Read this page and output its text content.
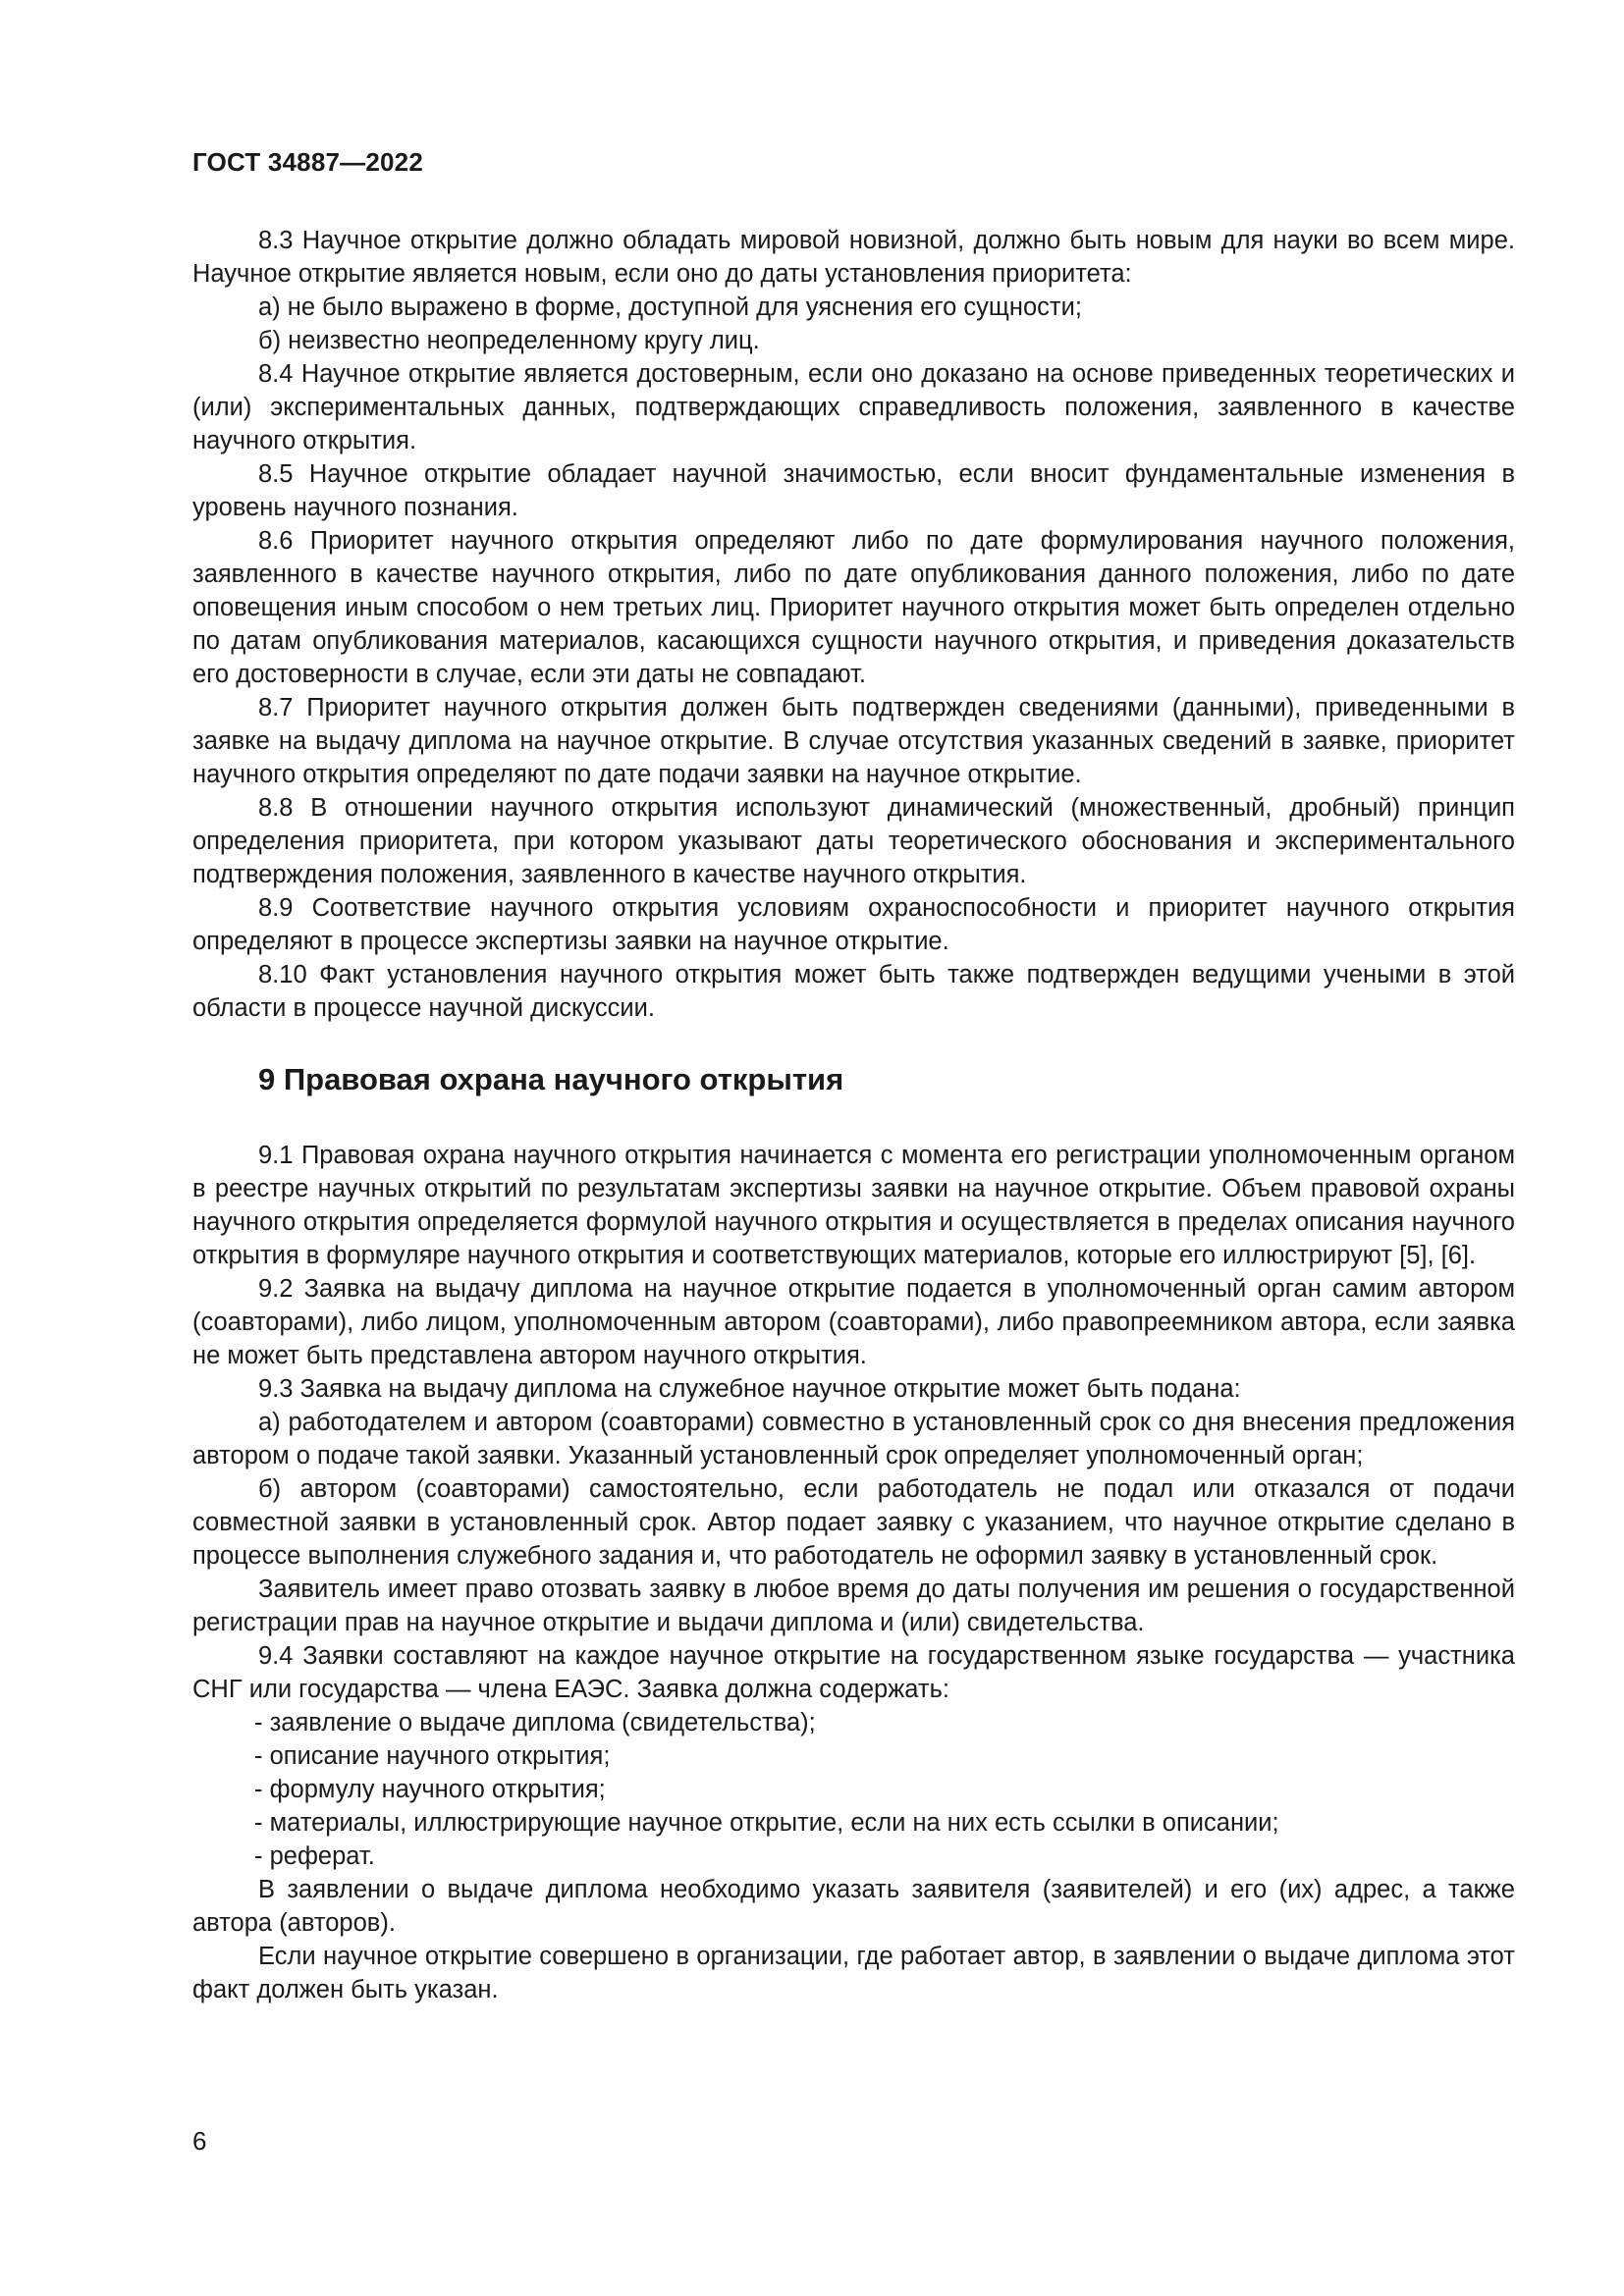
ГОСТ 34887—2022

8.3 Научное открытие должно обладать мировой новизной, должно быть новым для науки во всем мире. Научное открытие является новым, если оно до даты установления приоритета:

а) не было выражено в форме, доступной для уяснения его сущности;

б) неизвестно неопределенному кругу лиц.

8.4 Научное открытие является достоверным, если оно доказано на основе приведенных теоретических и (или) экспериментальных данных, подтверждающих справедливость положения, заявленного в качестве научного открытия.

8.5 Научное открытие обладает научной значимостью, если вносит фундаментальные изменения в уровень научного познания.

8.6 Приоритет научного открытия определяют либо по дате формулирования научного положения, заявленного в качестве научного открытия, либо по дате опубликования данного положения, либо по дате оповещения иным способом о нем третьих лиц. Приоритет научного открытия может быть определен отдельно по датам опубликования материалов, касающихся сущности научного открытия, и приведения доказательств его достоверности в случае, если эти даты не совпадают.

8.7 Приоритет научного открытия должен быть подтвержден сведениями (данными), приведенными в заявке на выдачу диплома на научное открытие. В случае отсутствия указанных сведений в заявке, приоритет научного открытия определяют по дате подачи заявки на научное открытие.

8.8 В отношении научного открытия используют динамический (множественный, дробный) принцип определения приоритета, при котором указывают даты теоретического обоснования и экспериментального подтверждения положения, заявленного в качестве научного открытия.

8.9 Соответствие научного открытия условиям охраноспособности и приоритет научного открытия определяют в процессе экспертизы заявки на научное открытие.

8.10 Факт установления научного открытия может быть также подтвержден ведущими учеными в этой области в процессе научной дискуссии.

9 Правовая охрана научного открытия

9.1 Правовая охрана научного открытия начинается с момента его регистрации уполномоченным органом в реестре научных открытий по результатам экспертизы заявки на научное открытие. Объем правовой охраны научного открытия определяется формулой научного открытия и осуществляется в пределах описания научного открытия в формуляре научного открытия и соответствующих материалов, которые его иллюстрируют [5], [6].

9.2 Заявка на выдачу диплома на научное открытие подается в уполномоченный орган самим автором (соавторами), либо лицом, уполномоченным автором (соавторами), либо правопреемником автора, если заявка не может быть представлена автором научного открытия.

9.3 Заявка на выдачу диплома на служебное научное открытие может быть подана:

а) работодателем и автором (соавторами) совместно в установленный срок со дня внесения предложения автором о подаче такой заявки. Указанный установленный срок определяет уполномоченный орган;

б) автором (соавторами) самостоятельно, если работодатель не подал или отказался от подачи совместной заявки в установленный срок. Автор подает заявку с указанием, что научное открытие сделано в процессе выполнения служебного задания и, что работодатель не оформил заявку в установленный срок.

Заявитель имеет право отозвать заявку в любое время до даты получения им решения о государственной регистрации прав на научное открытие и выдачи диплома и (или) свидетельства.

9.4 Заявки составляют на каждое научное открытие на государственном языке государства — участника СНГ или государства — члена ЕАЭС. Заявка должна содержать:

- заявление о выдаче диплома (свидетельства);

- описание научного открытия;

- формулу научного открытия;

- материалы, иллюстрирующие научное открытие, если на них есть ссылки в описании;

- реферат.

В заявлении о выдаче диплома необходимо указать заявителя (заявителей) и его (их) адрес, а также автора (авторов).

Если научное открытие совершено в организации, где работает автор, в заявлении о выдаче диплома этот факт должен быть указан.

6
